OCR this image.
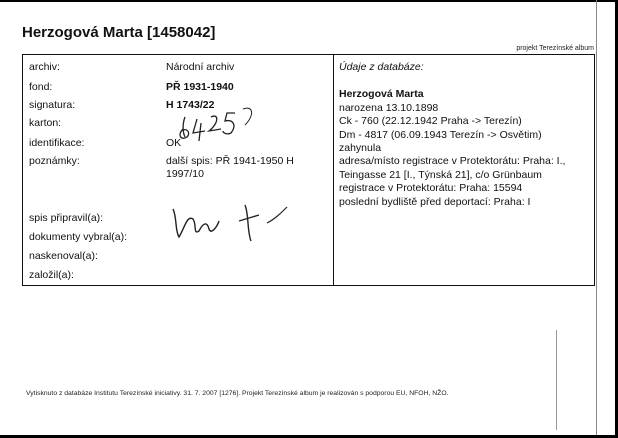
Herzogová Marta [1458042]
projekt Terezínské album
archiv:	Národní archiv
fond:	PŘ 1931-1940
signatura:	H 1743/22
karton:
identifikace:	OK
poznámky:	další spis: PŘ 1941-1950 H 1997/10
spis připravil(a):
dokumenty vybral(a):
naskenoval(a):
založil(a):
Údaje z databáze:
Herzogová Marta
narozena 13.10.1898
Ck - 760 (22.12.1942 Praha -> Terezín)
Dm - 4817 (06.09.1943 Terezín -> Osvětim)
zahynula
adresa/místo registrace v Protektorátu: Praha: I., Teingasse 21 [I., Týnská 21], c/o Grünbaum
registrace v Protektorátu: Praha: 15594
poslední bydliště před deportací: Praha: I
Vytisknuto z databáze Institutu Terezínské iniciativy. 31. 7. 2007 [1276]. Projekt Terezínské album je realizován s podporou EU, NFOH, NŽO.
